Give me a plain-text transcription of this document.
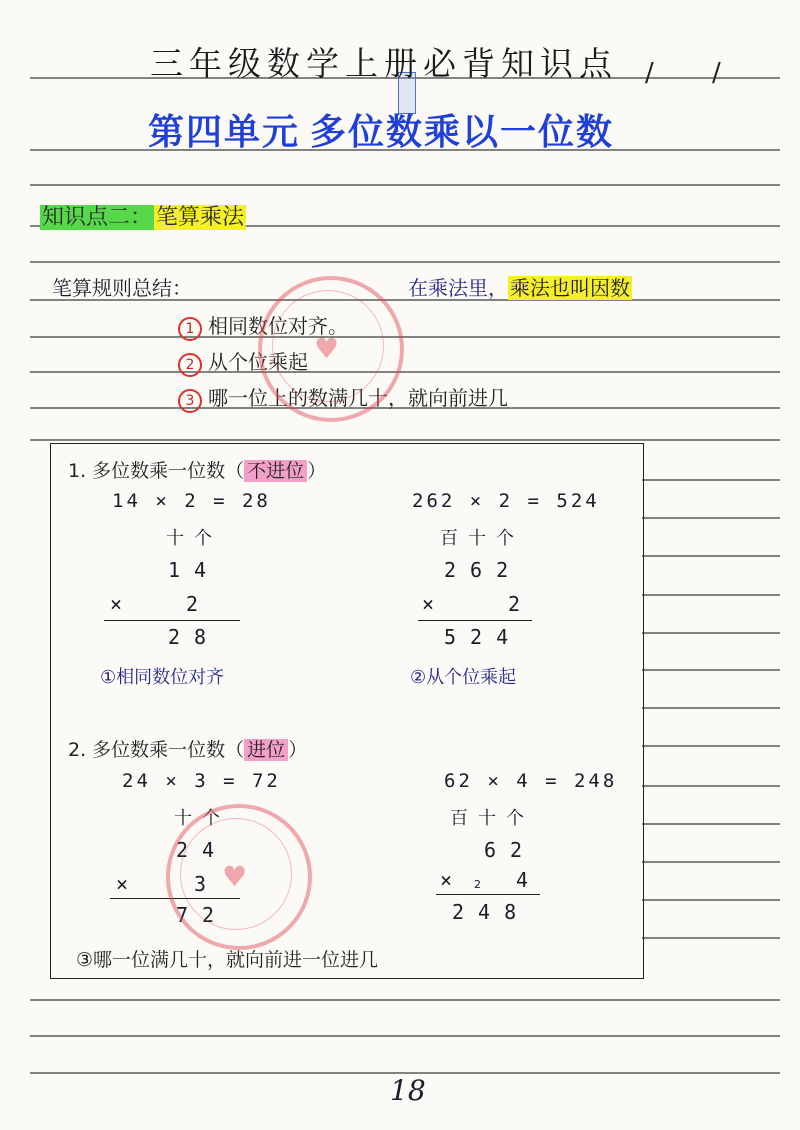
三年级数学上册必背知识点 / /
第四单元 多位数乘以一位数
知识点二： 笔算乘法
笔算规则总结：	在乘法里， 乘法也叫因数
1 相同数位对齐。
2 从个位乘起
3 哪一位上的数满几十，就向前进几
♥
1. 多位数乘一位数（ 不进位 ）
14 × 2 = 28
十个
14
× 2
28
262 × 2 = 524
百十个
262
×	2
524
①相同数位对齐	②从个位乘起
2. 多位数乘一位数（ 进位 ）
24 × 3 = 72
十个
24
×	3
72
♥
62 × 4 = 248
百十个
62
× 2 4
248
③哪一位满几十，就向前进一位进几
18
